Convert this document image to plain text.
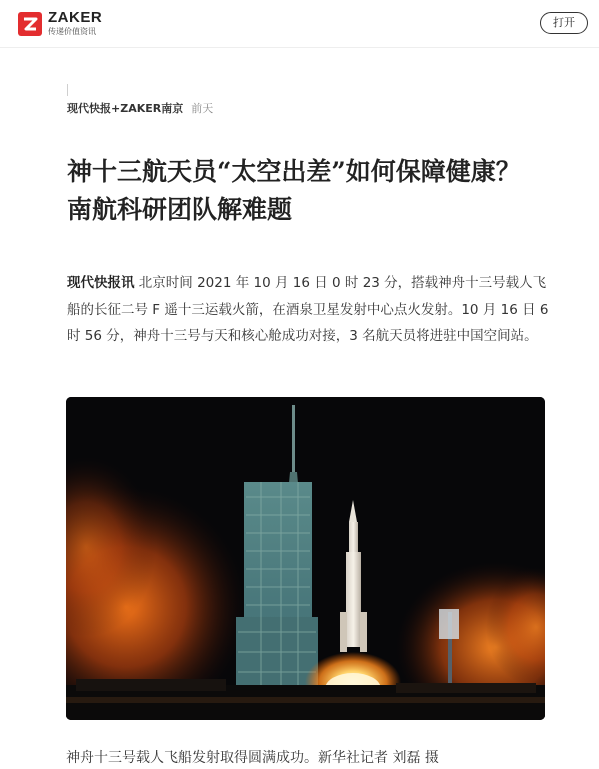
ZAKER
传递价值资讯
打开
现代快报+ZAKER南京 前天
神十三航天员“太空出差”如何保障健康？南航科研团队解难题

现代快报讯 北京时间 2021 年 10 月 16 日 0 时 23 分，搭载神舟十三号载人飞船的长征二号 F 遥十三运载火箭，在酒泉卫星发射中心点火发射。10 月 16 日 6 时 56 分，神舟十三号与天和核心舱成功对接，3 名航天员将进驻中国空间站。

神舟十三号载人飞船发射取得圆满成功。新华社记者 刘磊 摄
